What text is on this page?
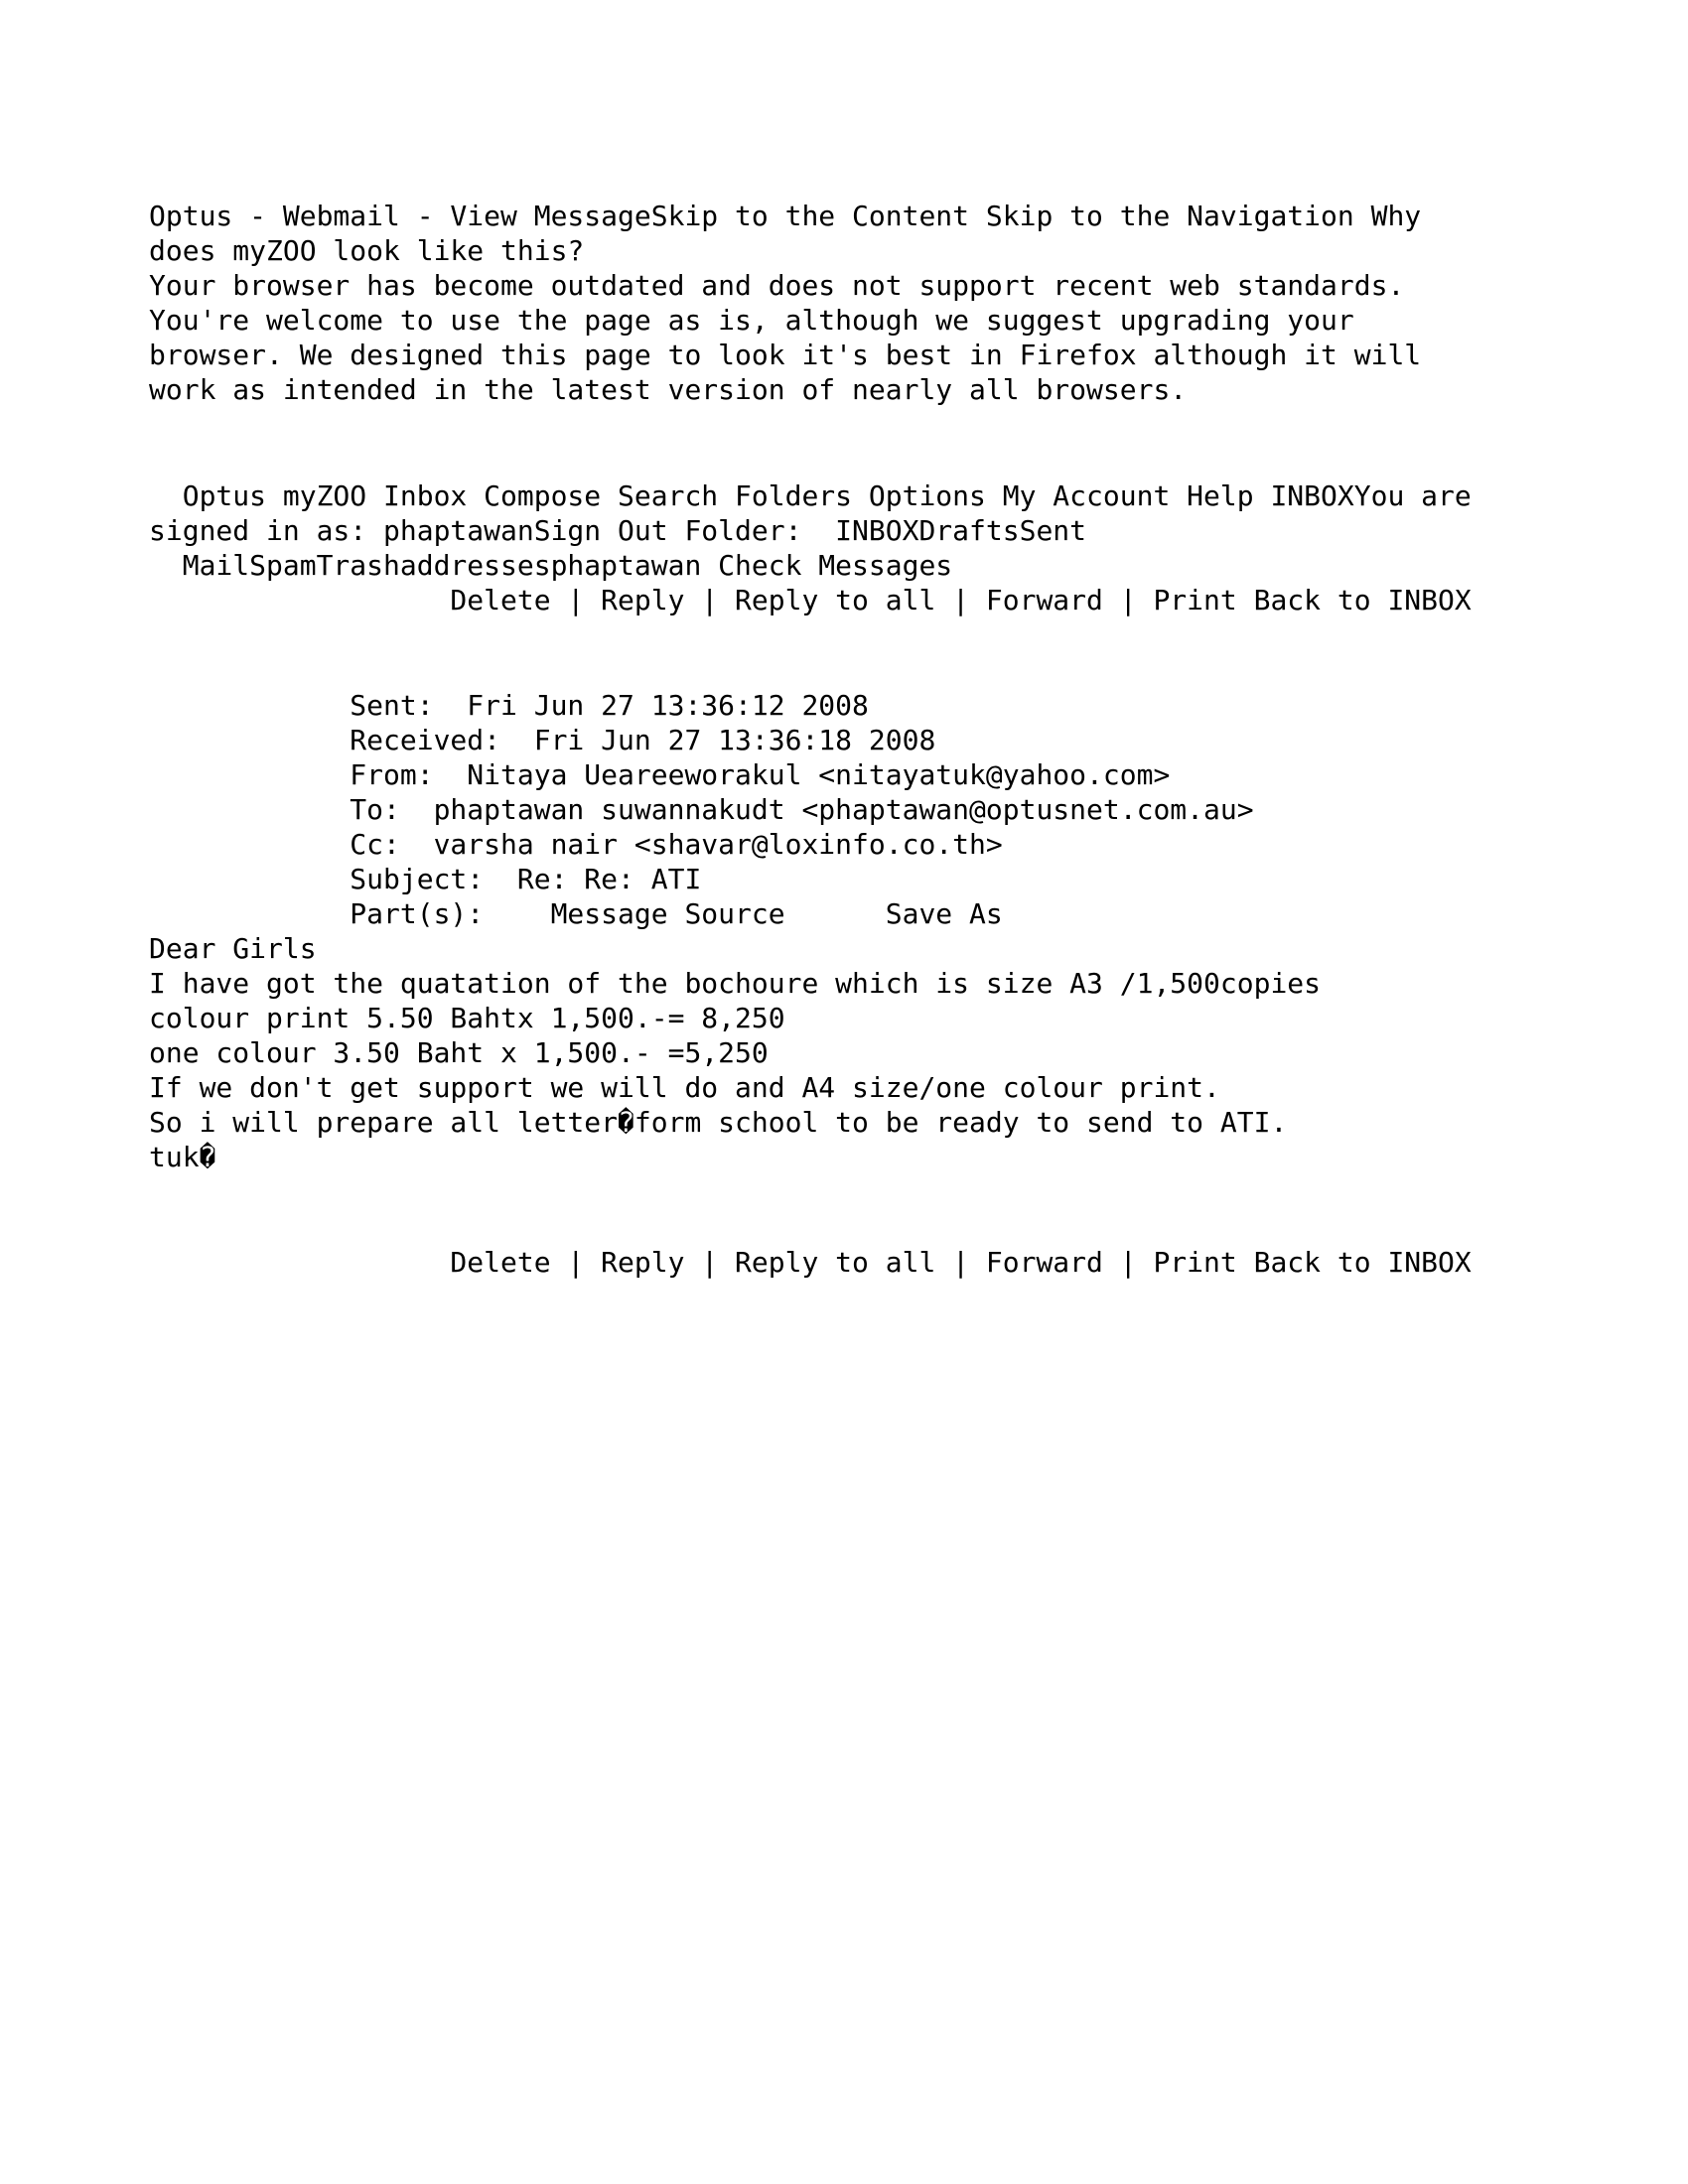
Optus - Webmail - View MessageSkip to the Content Skip to the Navigation Why
does myZOO look like this?
Your browser has become outdated and does not support recent web standards.
You're welcome to use the page as is, although we suggest upgrading your
browser. We designed this page to look it's best in Firefox although it will
work as intended in the latest version of nearly all browsers.
Optus myZOO Inbox Compose Search Folders Options My Account Help INBOXYou are
signed in as: phaptawanSign Out Folder:  INBOXDraftsSent
MailSpamTrashaddressesphaptawan Check Messages
Delete | Reply | Reply to all | Forward | Print Back to INBOX
Sent:  Fri Jun 27 13:36:12 2008
Received:  Fri Jun 27 13:36:18 2008
From:  Nitaya Ueareeworakul <nitayatuk@yahoo.com>
To:  phaptawan suwannakudt <phaptawan@optusnet.com.au>
Cc:  varsha nair <shavar@loxinfo.co.th>
Subject:  Re: Re: ATI
Part(s):    Message Source      Save As
Dear Girls
I have got the quatation of the bochoure which is size A3 /1,500copies
colour print 5.50 Bahtx 1,500.-= 8,250
one colour 3.50 Baht x 1,500.- =5,250
If we don't get support we will do and A4 size/one colour print.
So i will prepare all letter�form school to be ready to send to ATI.
tuk�
Delete | Reply | Reply to all | Forward | Print Back to INBOX
